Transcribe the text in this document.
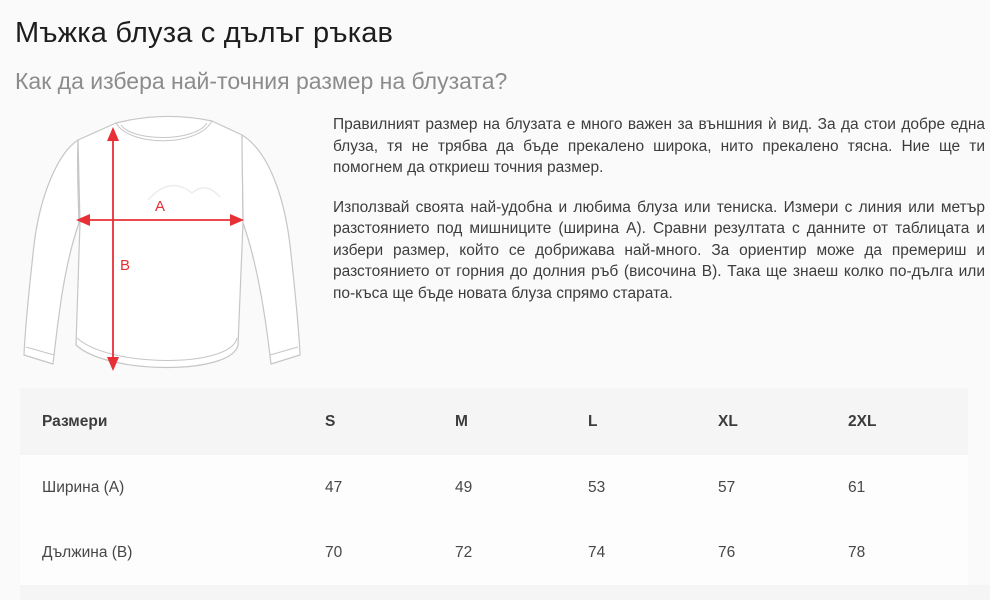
Мъжка блуза с дълъг ръкав
Как да избера най-точния размер на блузата?
A
B

Правилният размер на блузата е много важен за външния ѝ вид. За да стои добре една блуза, тя не трябва да бъде прекалено широка, нито прекалено тясна. Ние ще ти помогнем да откриеш точния размер.

Използвай своята най-удобна и любима блуза или тениска. Измери с линия или метър разстоянието под мишниците (ширина А). Сравни резултата с данните от таблицата и избери размер, който се добрижава най-много. За ориентир може да премериш и разстоянието от горния до долния ръб (височина В). Така ще знаеш колко по-дълга или по-къса ще бъде новата блуза спрямо старата.

Размери	S	M	L	XL	2XL
Ширина (A)	47	49	53	57	61
Дължина (B)	70	72	74	76	78
